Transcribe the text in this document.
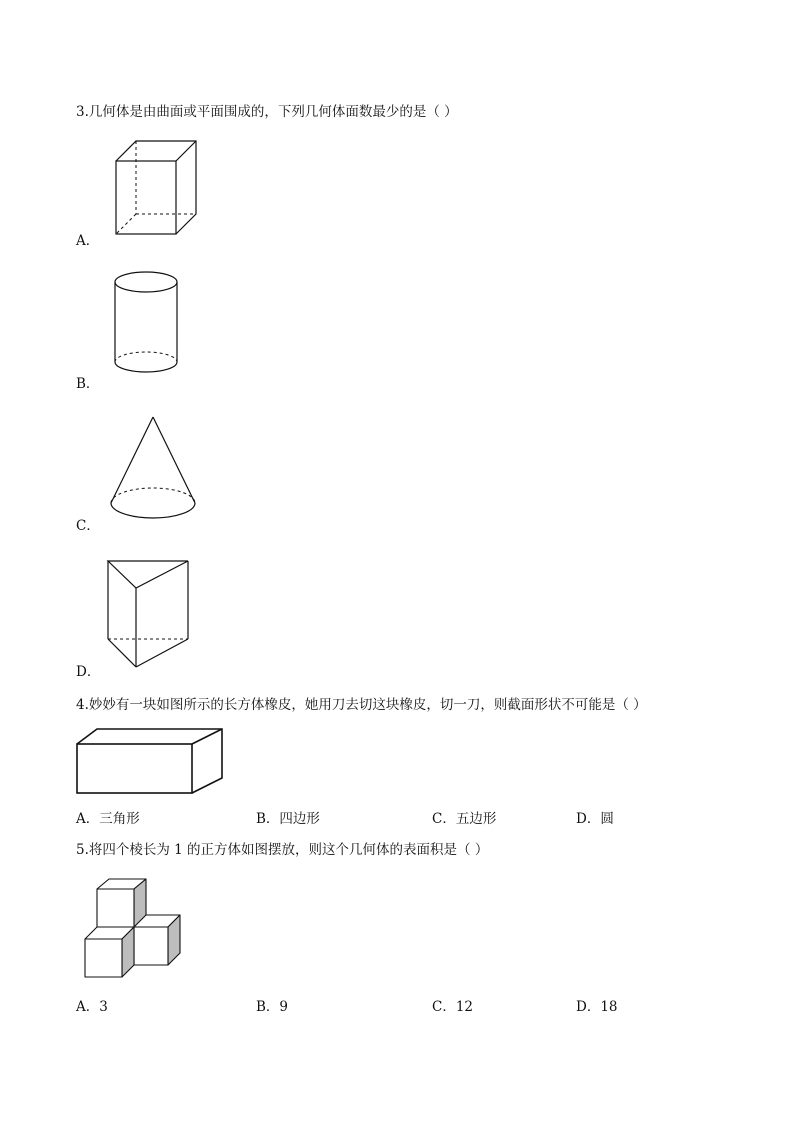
3.几何体是由曲面或平面围成的，下列几何体面数最少的是（ ）
A．
B．
C．
D．
4.妙妙有一块如图所示的长方体橡皮，她用刀去切这块橡皮，切一刀，则截面形状不可能是（ ）
A．三角形	B．四边形	C．五边形	D．圆
5.将四个棱长为 1 的正方体如图摆放，则这个几何体的表面积是（ ）
A．3	B．9	C．12	D．18
